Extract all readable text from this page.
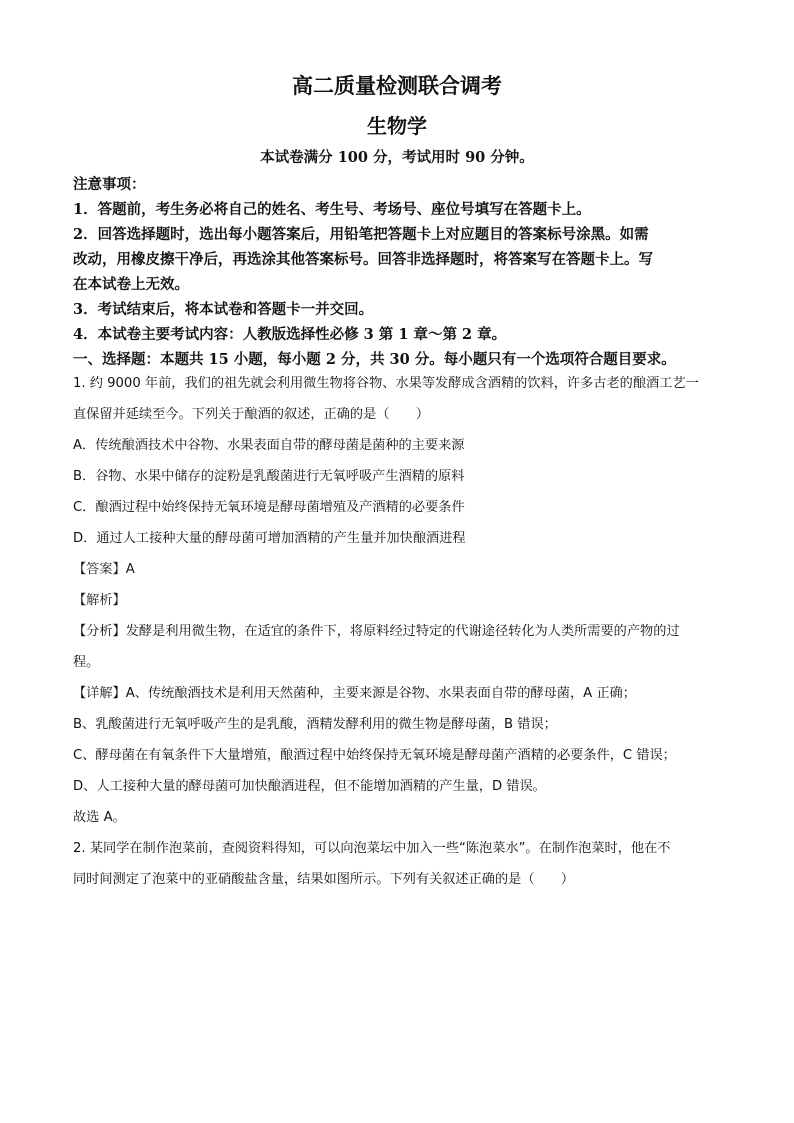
高二质量检测联合调考
生物学
本试卷满分 100 分，考试用时 90 分钟。
注意事项：
1．答题前，考生务必将自己的姓名、考生号、考场号、座位号填写在答题卡上。
2．回答选择题时，选出每小题答案后，用铅笔把答题卡上对应题目的答案标号涂黑。如需
改动，用橡皮擦干净后，再选涂其他答案标号。回答非选择题时，将答案写在答题卡上。写
在本试卷上无效。
3．考试结束后，将本试卷和答题卡一并交回。
4．本试卷主要考试内容：人教版选择性必修 3 第 1 章～第 2 章。
一、选择题：本题共 15 小题，每小题 2 分，共 30 分。每小题只有一个选项符合题目要求。
1. 约 9000 年前，我们的祖先就会利用微生物将谷物、水果等发酵成含酒精的饮料，许多古老的酿酒工艺一
直保留并延续至今。下列关于酿酒的叙述，正确的是（　　）
A．传统酿酒技术中谷物、水果表面自带的酵母菌是菌种的主要来源
B．谷物、水果中储存的淀粉是乳酸菌进行无氧呼吸产生酒精的原料
C．酿酒过程中始终保持无氧环境是酵母菌增殖及产酒精的必要条件
D．通过人工接种大量的酵母菌可增加酒精的产生量并加快酿酒进程
【答案】A
【解析】
【分析】发酵是利用微生物，在适宜的条件下，将原料经过特定的代谢途径转化为人类所需要的产物的过
程。
【详解】A、传统酿酒技术是利用天然菌种，主要来源是谷物、水果表面自带的酵母菌，A 正确；
B、乳酸菌进行无氧呼吸产生的是乳酸，酒精发酵利用的微生物是酵母菌，B 错误；
C、酵母菌在有氧条件下大量增殖，酿酒过程中始终保持无氧环境是酵母菌产酒精的必要条件，C 错误；
D、人工接种大量的酵母菌可加快酿酒进程，但不能增加酒精的产生量，D 错误。
故选 A。
2. 某同学在制作泡菜前，查阅资料得知，可以向泡菜坛中加入一些“陈泡菜水”。在制作泡菜时，他在不
同时间测定了泡菜中的亚硝酸盐含量，结果如图所示。下列有关叙述正确的是（　　）
